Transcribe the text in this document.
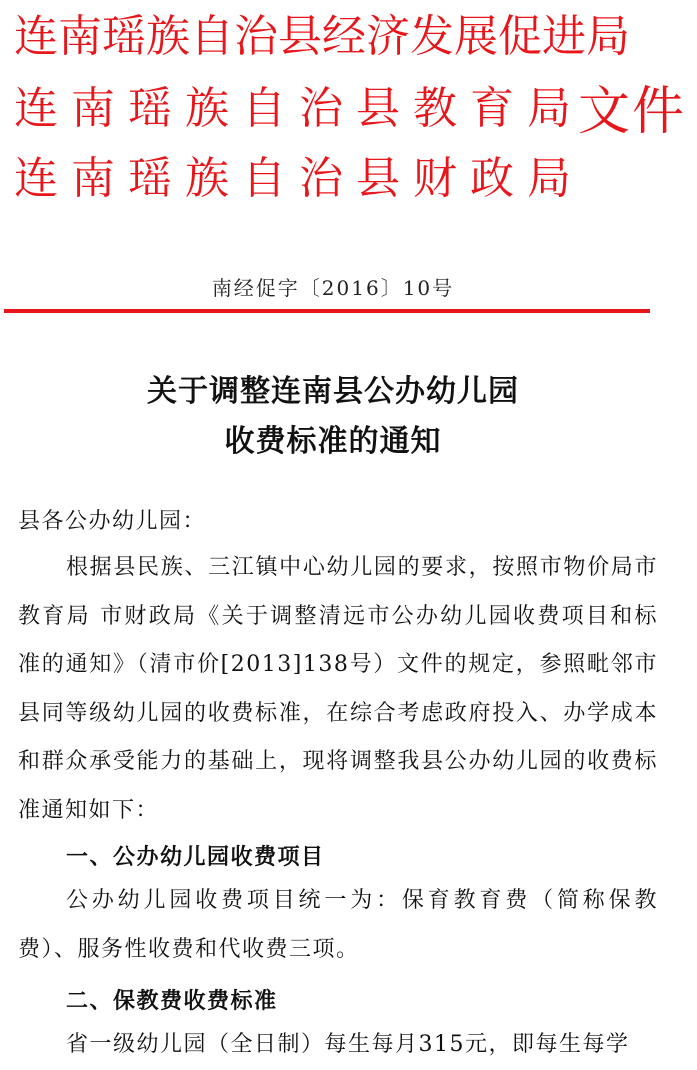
连南瑶族自治县经济发展促进局
连南瑶族自治县教育局
连南瑶族自治县财政局
文件
南经促字〔2016〕10号
关于调整连南县公办幼儿园
收费标准的通知
县各公办幼儿园：
根据县民族、三江镇中心幼儿园的要求，按照市物价局市教育局 市财政局《关于调整清远市公办幼儿园收费项目和标准的通知》（清市价[2013]138号）文件的规定，参照毗邻市县同等级幼儿园的收费标准，在综合考虑政府投入、办学成本和群众承受能力的基础上，现将调整我县公办幼儿园的收费标准通知如下：
一、公办幼儿园收费项目
公办幼儿园收费项目统一为：保育教育费（简称保教费）、服务性收费和代收费三项。
二、保教费收费标准
省一级幼儿园（全日制）每生每月315元，即每生每学
